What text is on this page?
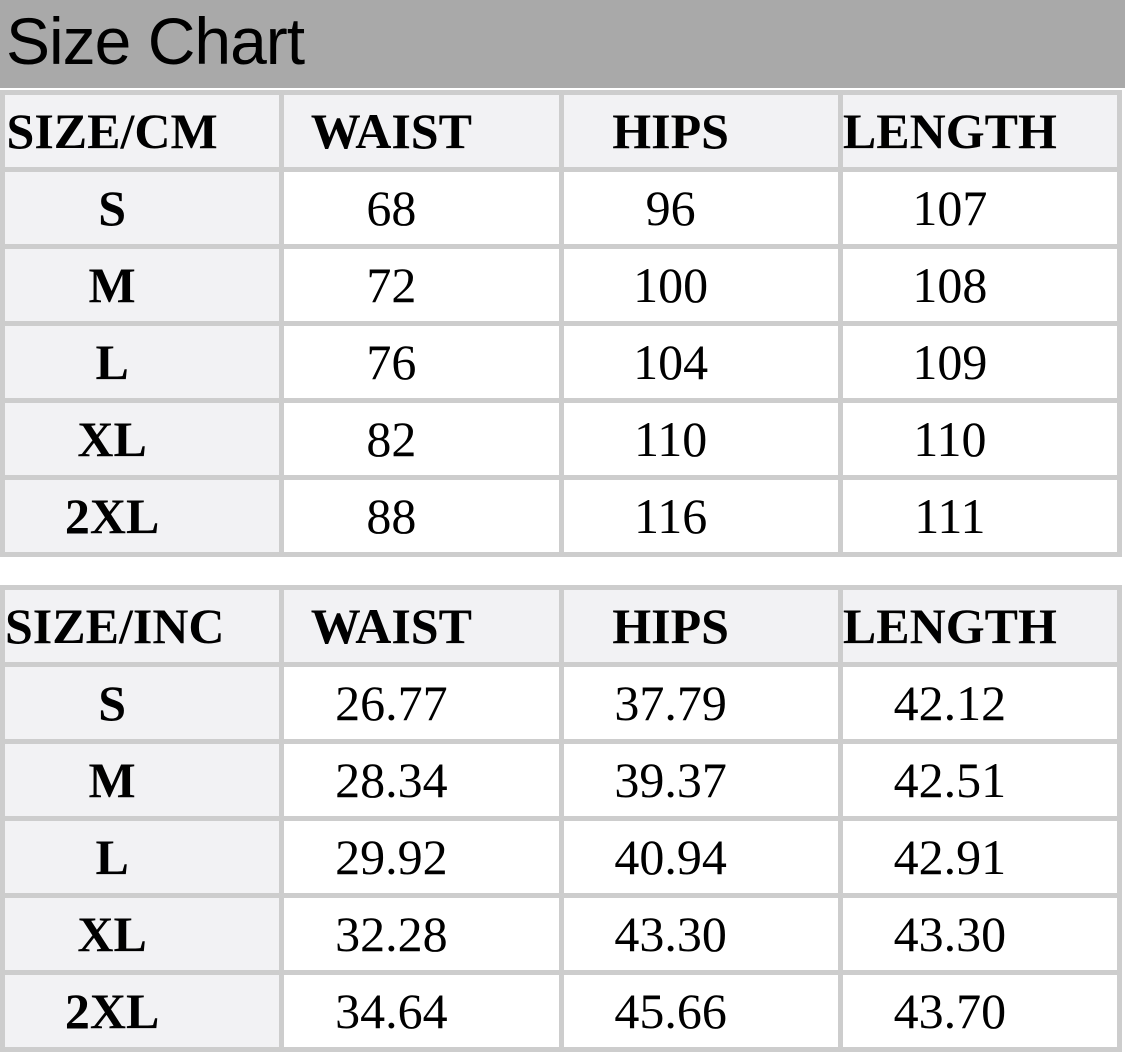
Size Chart
SIZE/CM	WAIST	HIPS	LENGTH
S	68	96	107
M	72	100	108
L	76	104	109
XL	82	110	110
2XL	88	116	111
SIZE/INC	WAIST	HIPS	LENGTH
S	26.77	37.79	42.12
M	28.34	39.37	42.51
L	29.92	40.94	42.91
XL	32.28	43.30	43.30
2XL	34.64	45.66	43.70
